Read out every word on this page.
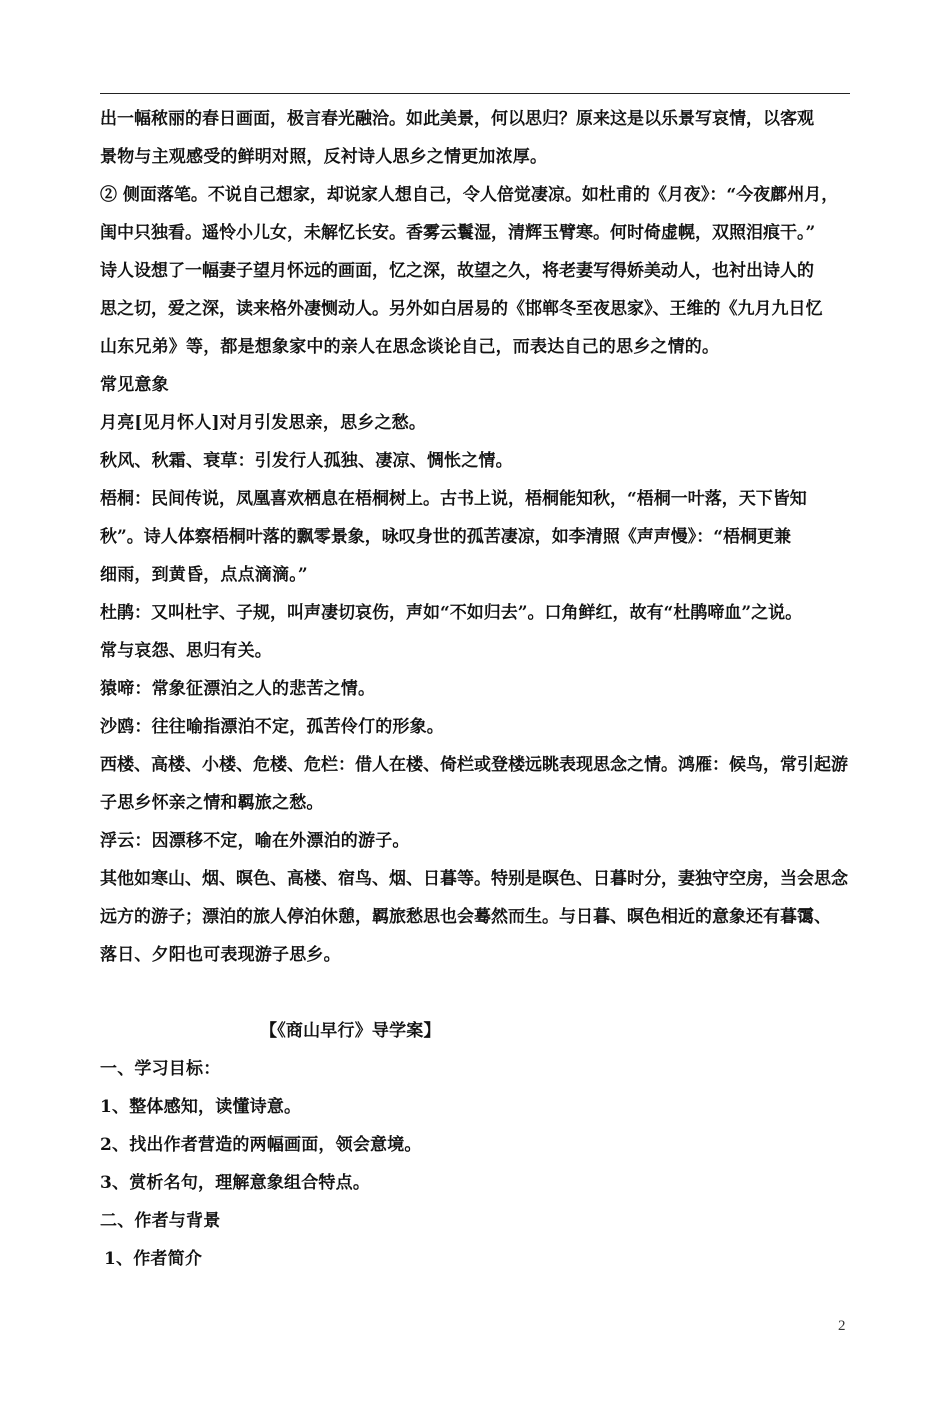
出一幅秾丽的春日画面，极言春光融洽。如此美景，何以思归？原来这是以乐景写哀情，以客观
景物与主观感受的鲜明对照，反衬诗人思乡之情更加浓厚。
② 侧面落笔。不说自己想家，却说家人想自己，令人倍觉凄凉。如杜甫的《月夜》：“今夜鄜州月，
闺中只独看。遥怜小儿女，未解忆长安。香雾云鬟湿，清辉玉臂寒。何时倚虚幌，双照泪痕干。”
诗人设想了一幅妻子望月怀远的画面，忆之深，故望之久，将老妻写得娇美动人，也衬出诗人的
思之切，爱之深，读来格外凄恻动人。另外如白居易的《邯郸冬至夜思家》、王维的《九月九日忆
山东兄弟》等，都是想象家中的亲人在思念谈论自己，而表达自己的思乡之情的。
常见意象
月亮[见月怀人]对月引发思亲，思乡之愁。
秋风、秋霜、衰草：引发行人孤独、凄凉、惆怅之情。
梧桐：民间传说，凤凰喜欢栖息在梧桐树上。古书上说，梧桐能知秋，“梧桐一叶落，天下皆知
秋”。诗人体察梧桐叶落的飘零景象，咏叹身世的孤苦凄凉，如李清照《声声慢》：“梧桐更兼
细雨，到黄昏，点点滴滴。”
杜鹃：又叫杜宇、子规，叫声凄切哀伤，声如“不如归去”。口角鲜红，故有“杜鹃啼血”之说。
常与哀怨、思归有关。
猿啼：常象征漂泊之人的悲苦之情。
沙鸥：往往喻指漂泊不定，孤苦伶仃的形象。
西楼、高楼、小楼、危楼、危栏：借人在楼、倚栏或登楼远眺表现思念之情。鸿雁：候鸟，常引起游
子思乡怀亲之情和羁旅之愁。
浮云：因漂移不定，喻在外漂泊的游子。
其他如寒山、烟、暝色、高楼、宿鸟、烟、日暮等。特别是暝色、日暮时分，妻独守空房，当会思念
远方的游子；漂泊的旅人停泊休憩，羁旅愁思也会蓦然而生。与日暮、暝色相近的意象还有暮霭、
落日、夕阳也可表现游子思乡。
【《商山早行》导学案】
一、学习目标：
1、整体感知，读懂诗意。
2、找出作者营造的两幅画面，领会意境。
3、赏析名句，理解意象组合特点。
二、作者与背景
1、作者简介
2
